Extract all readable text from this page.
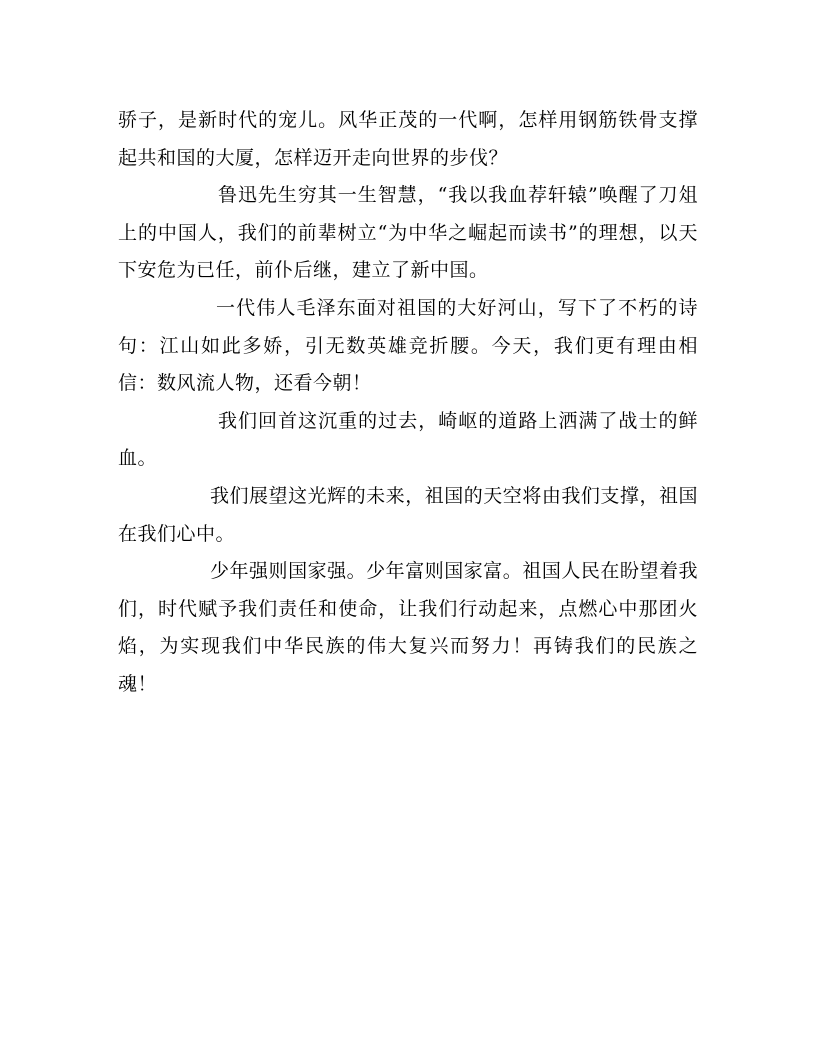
骄子，是新时代的宠儿。风华正茂的一代啊，怎样用钢筋铁骨支撑起共和国的大厦，怎样迈开走向世界的步伐？

鲁迅先生穷其一生智慧，“我以我血荐轩辕”唤醒了刀俎上的中国人，我们的前辈树立“为中华之崛起而读书”的理想，以天下安危为已任，前仆后继，建立了新中国。

一代伟人毛泽东面对祖国的大好河山，写下了不朽的诗句：江山如此多娇，引无数英雄竞折腰。今天，我们更有理由相信：数风流人物，还看今朝！

我们回首这沉重的过去，崎岖的道路上洒满了战士的鲜血。

我们展望这光辉的未来，祖国的天空将由我们支撑，祖国在我们心中。

少年强则国家强。少年富则国家富。祖国人民在盼望着我们，时代赋予我们责任和使命，让我们行动起来，点燃心中那团火焰，为实现我们中华民族的伟大复兴而努力！再铸我们的民族之魂！
